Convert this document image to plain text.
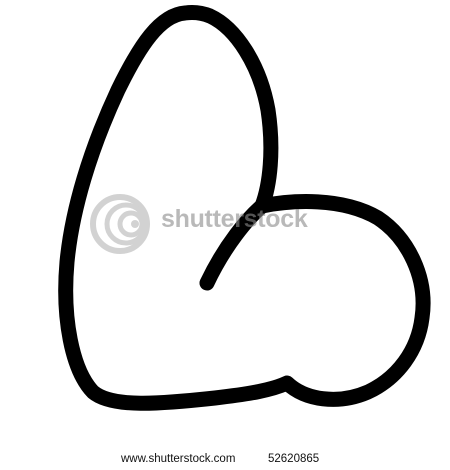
shutterstock
www.shutterstock.com	52620865
